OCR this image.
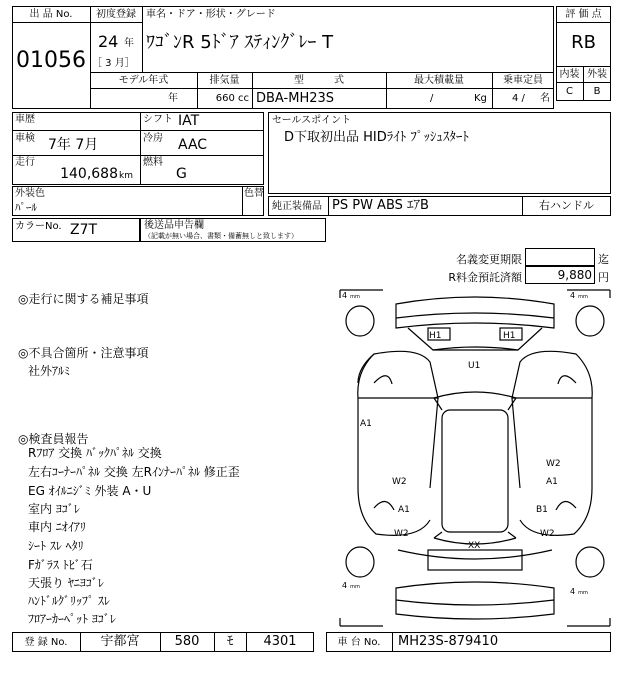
出 品 No.
01056
初度登録
24 年
［ 3 月］
車名・ドア・形状・グレード
ﾜｺﾞﾝR 5ﾄﾞｱ ｽﾃｨﾝｸﾞﾚｰ T
モデル年式
年
排気量
660 cc
型　　　式
DBA-MH23S
最大積載量
/	Kg
乗車定員
4 / 名
評 価 点
RB
内装 外装
C	B
車歴
車検 7年 7月
走行
140,688 km
シフト IAT
冷房 AAC
燃料
G
セールスポイント
D下取初出品 HIDﾗｲﾄ ﾌﾟｯｼｭｽﾀｰﾄ
外装色
ﾊﾟｰﾙ
色替
純正装備品 PS PW ABS ｴｱB	右ハンドル
カラーNo. Z7T	後送品申告欄
（記載が無い場合、書類・備蓄無しと致します）
名義変更期限	迄
R料金預託済額	9,880 円
◎走行に関する補足事項
◎不具合箇所・注意事項
社外ｱﾙﾐ
◎検査員報告
Rﾌﾛｱ 交換 ﾊﾞｯｸﾊﾟﾈﾙ 交換
左右ｺｰﾅｰﾊﾟﾈﾙ 交換 左Rｲﾝﾅｰﾊﾟﾈﾙ 修正歪
EG ｵｲﾙﾆｼﾞﾐ 外装 A・U
室内 ﾖｺﾞﾚ
車内 ﾆｵｲｱﾘ
ｼｰﾄ ｽﾚ ﾍﾀﾘ
Fｶﾞﾗｽ ﾄﾋﾞ石
天張り ﾔﾆﾖｺﾞﾚ
ﾊﾝﾄﾞﾙｸﾞﾘｯﾌﾟ ｽﾚ
ﾌﾛｱｰｶｰﾍﾟｯﾄ ﾖｺﾞﾚ
4 mm	4 mm
4 mm	4 mm
H1	H1
U1
A1
W2
A1
W2
A1	B1
W2	W2
XX
登 録 No.	宇都宮	580	ﾓ	4301	車 台 No.	MH23S-879410
